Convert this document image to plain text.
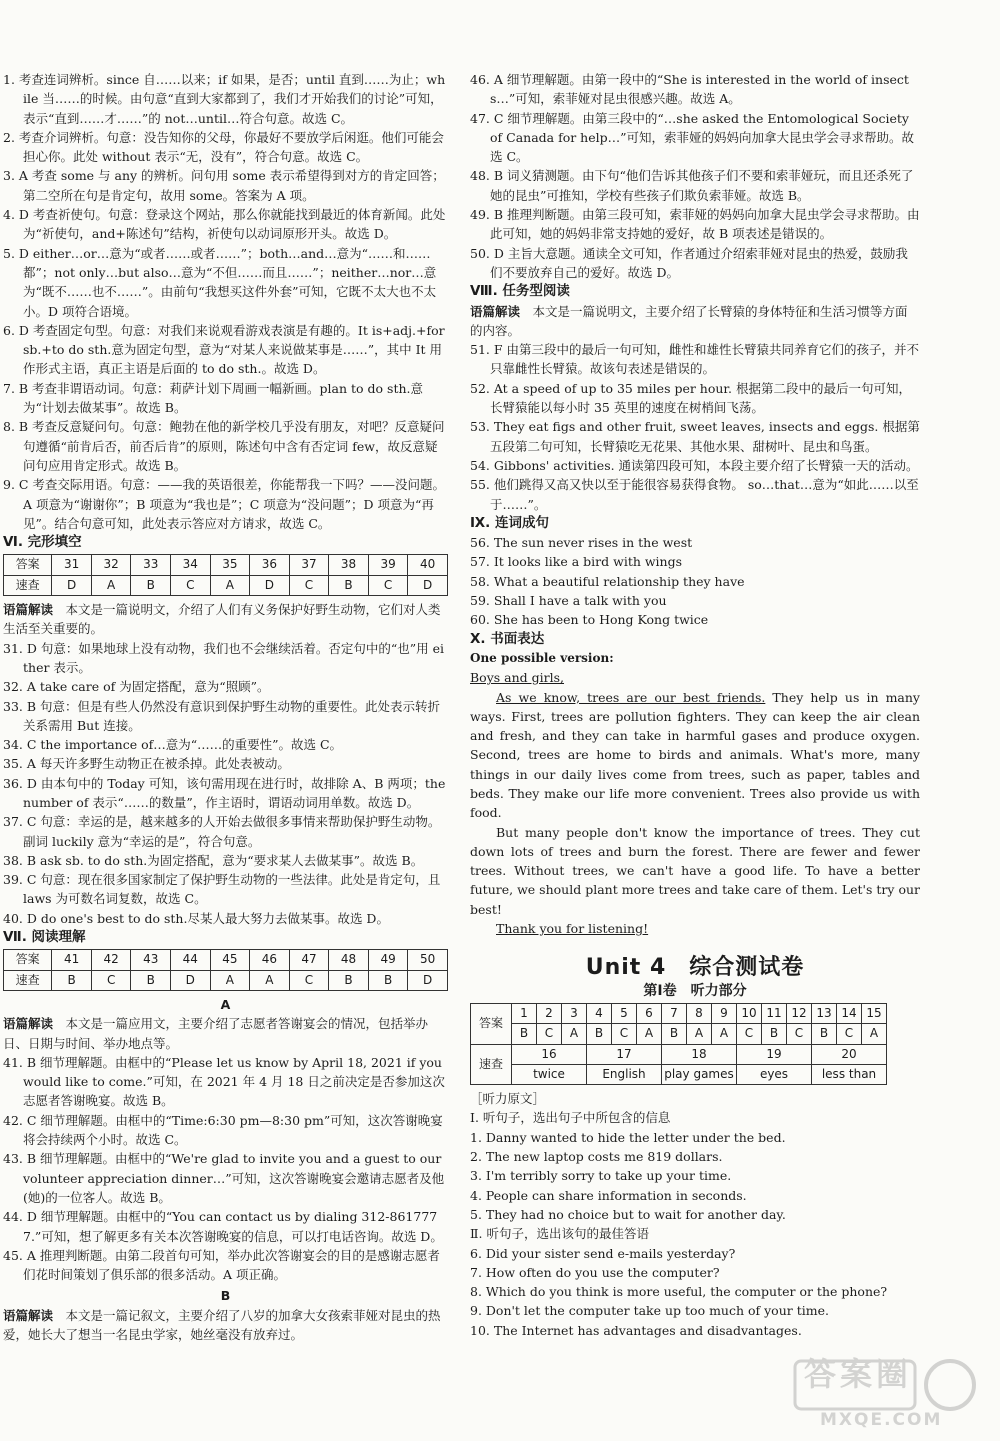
1. 考查连词辨析。since 自……以来；if 如果，是否；until 直到……为止；while 当……的时候。由句意“直到大家都到了，我们才开始我们的讨论”可知，表示“直到……才……”的 not…until…符合句意。故选 C。

2. 考查介词辨析。句意：没告知你的父母，你最好不要放学后闲逛。他们可能会担心你。此处 without 表示“无，没有”，符合句意。故选 C。

3. A 考查 some 与 any 的辨析。问句用 some 表示希望得到对方的肯定回答；第二空所在句是肯定句，故用 some。答案为 A 项。

4. D 考查祈使句。句意：登录这个网站，那么你就能找到最近的体育新闻。此处为“祈使句，and+陈述句”结构，祈使句以动词原形开头。故选 D。

5. D either…or…意为“或者……或者……”；both…and…意为“……和……都”；not only…but also…意为“不但……而且……”；neither…nor…意为“既不……也不……”。由前句“我想买这件外套”可知，它既不太大也不太小。D 项符合语境。

6. D 考查固定句型。句意：对我们来说观看游戏表演是有趣的。It is+adj.+for sb.+to do sth.意为固定句型，意为“对某人来说做某事是……”，其中 It 用作形式主语，真正主语是后面的 to do sth.。故选 D。

7. B 考查非谓语动词。句意：莉萨计划下周画一幅新画。plan to do sth.意为“计划去做某事”。故选 B。

8. B 考查反意疑问句。句意：鲍勃在他的新学校几乎没有朋友，对吧？反意疑问句遵循“前肯后否，前否后肯”的原则，陈述句中含有否定词 few，故反意疑问句应用肯定形式。故选 B。

9. C 考查交际用语。句意：——我的英语很差，你能帮我一下吗？——没问题。A 项意为“谢谢你”；B 项意为“我也是”；C 项意为“没问题”；D 项意为“再见”。结合句意可知，此处表示答应对方请求，故选 C。

Ⅵ. 完形填空

答案	31	32	33	34	35	36	37	38	39	40
速查	D	A	B	C	A	D	C	B	C	D

语篇解读　 本文是一篇说明文，介绍了人们有义务保护好野生动物，它们对人类生活至关重要的。

31. D 句意：如果地球上没有动物，我们也不会继续活着。否定句中的“也”用 either 表示。

32. A take care of 为固定搭配，意为“照顾”。

33. B 句意：但是有些人仍然没有意识到保护野生动物的重要性。此处表示转折关系需用 But 连接。

34. C the importance of…意为“……的重要性”。故选 C。

35. A 每天许多野生动物正在被杀掉。此处表被动。

36. D 由本句中的 Today 可知，该句需用现在进行时，故排除 A、B 两项；the number of 表示“……的数量”，作主语时，谓语动词用单数。故选 D。

37. C 句意：幸运的是，越来越多的人开始去做很多事情来帮助保护野生动物。副词 luckily 意为“幸运的是”，符合句意。

38. B ask sb. to do sth.为固定搭配，意为“要求某人去做某事”。故选 B。

39. C 句意：现在很多国家制定了保护野生动物的一些法律。此处是肯定句，且 laws 为可数名词复数，故选 C。

40. D do one's best to do sth.尽某人最大努力去做某事。故选 D。

Ⅶ. 阅读理解

答案	41	42	43	44	45	46	47	48	49	50
速查	B	C	B	D	A	A	C	B	B	D

A

语篇解读　 本文是一篇应用文，主要介绍了志愿者答谢宴会的情况，包括举办日、日期与时间、举办地点等。

41. B 细节理解题。由框中的“Please let us know by April 18, 2021 if you would like to come.”可知，在 2021 年 4 月 18 日之前决定是否参加这次志愿者答谢晚宴。故选 B。

42. C 细节理解题。由框中的“Time:6:30 pm—8:30 pm”可知，这次答谢晚宴将会持续两个小时。故选 C。

43. B 细节理解题。由框中的“We're glad to invite you and a guest to our volunteer appreciation dinner…”可知，这次答谢晚宴会邀请志愿者及他(她)的一位客人。故选 B。

44. D 细节理解题。由框中的“You can contact us by dialing 312-8617777.”可知，想了解更多有关本次答谢晚宴的信息，可以打电话咨询。故选 D。

45. A 推理判断题。由第二段首句可知，举办此次答谢宴会的目的是感谢志愿者们花时间策划了俱乐部的很多活动。A 项正确。

B

语篇解读　 本文是一篇记叙文，主要介绍了八岁的加拿大女孩索菲娅对昆虫的热爱，她长大了想当一名昆虫学家，她丝毫没有放弃过。

46. A 细节理解题。由第一段中的“She is interested in the world of insects…”可知，索菲娅对昆虫很感兴趣。故选 A。

47. C 细节理解题。由第三段中的“…she asked the Entomological Society of Canada for help…”可知，索菲娅的妈妈向加拿大昆虫学会寻求帮助。故选 C。

48. B 词义猜测题。由下句“他们告诉其他孩子们不要和索菲娅玩，而且还杀死了她的昆虫”可推知，学校有些孩子们欺负索菲娅。故选 B。

49. B 推理判断题。由第三段可知，索菲娅的妈妈向加拿大昆虫学会寻求帮助。由此可知，她的妈妈非常支持她的爱好，故 B 项表述是错误的。

50. D 主旨大意题。通读全文可知，作者通过介绍索菲娅对昆虫的热爱，鼓励我们不要放弃自己的爱好。故选 D。

Ⅷ. 任务型阅读

语篇解读　 本文是一篇说明文，主要介绍了长臂猿的身体特征和生活习惯等方面的内容。

51. F 由第三段中的最后一句可知，雌性和雄性长臂猿共同养育它们的孩子，并不只靠雌性长臂猿。故该句表述是错误的。

52. At a speed of up to 35 miles per hour. 根据第二段中的最后一句可知，长臂猿能以每小时 35 英里的速度在树梢间飞荡。

53. They eat figs and other fruit, sweet leaves, insects and eggs. 根据第五段第二句可知，长臂猿吃无花果、其他水果、甜树叶、昆虫和鸟蛋。

54. Gibbons' activities. 通读第四段可知，本段主要介绍了长臂猿一天的活动。

55. 他们跳得又高又快以至于能很容易获得食物。 so…that…意为“如此……以至于……”。

Ⅸ. 连词成句

56. The sun never rises in the west

57. It looks like a bird with wings

58. What a beautiful relationship they have

59. Shall I have a talk with you

60. She has been to Hong Kong twice

Ⅹ. 书面表达

One possible version:

Boys and girls,

As we know, trees are our best friends. They help us in many ways. First, trees are pollution fighters. They can keep the air clean and fresh, and they can take in harmful gases and produce oxygen. Second, trees are home to birds and animals. What's more, many things in our daily lives come from trees, such as paper, tables and beds. They make our life more convenient. Trees also provide us with food.

But many people don't know the importance of trees. They cut down lots of trees and burn the forest. There are fewer and fewer trees. Without trees, we can't have a good life. To have a better future, we should plant more trees and take care of them. Let's try our best!

Thank you for listening!

Unit 4　综合测试卷
第Ⅰ卷　听力部分
答案	1	2	3	4	5	6	7	8	9	10	11	12	13	14	15
	B	C	A	B	C	A	B	A	A	C	B	C	B	C	A
速查	16			17			18			19			20		
	twice			English			play games			eyes			less than		

［听力原文］

Ⅰ. 听句子，选出句子中所包含的信息

1. Danny wanted to hide the letter under the bed.

2. The new laptop costs me 819 dollars.

3. I'm terribly sorry to take up your time.

4. People can share information in seconds.

5. They had no choice but to wait for another day.

Ⅱ. 听句子，选出该句的最佳答语

6. Did your sister send e-mails yesterday?

7. How often do you use the computer?

8. Which do you think is more useful, the computer or the phone?

9. Don't let the computer take up too much of your time.

10. The Internet has advantages and disadvantages.

答案圈
MXQE.COM
